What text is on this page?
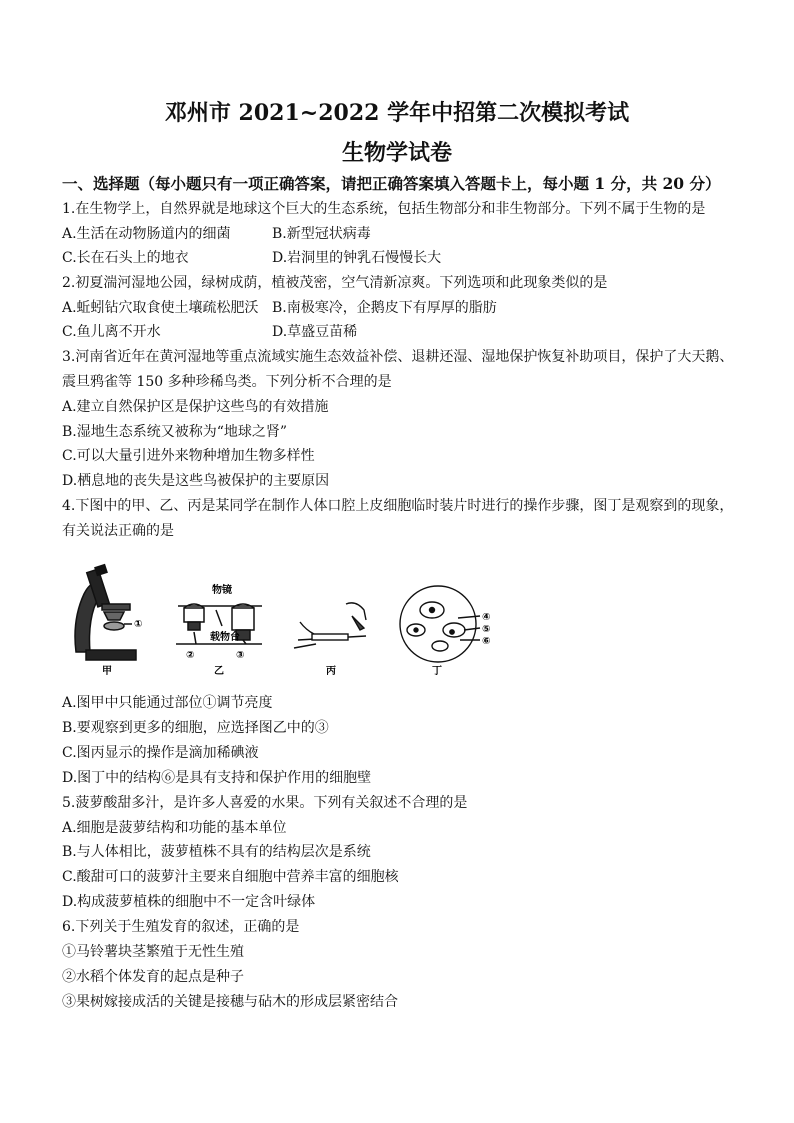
邓州市 2021~2022 学年中招第二次模拟考试
生物学试卷
一、选择题（每小题只有一项正确答案，请把正确答案填入答题卡上，每小题 1 分，共 20 分）
1.在生物学上，自然界就是地球这个巨大的生态系统，包括生物部分和非生物部分。下列不属于生物的是
A.生活在动物肠道内的细菌	B.新型冠状病毒
C.长在石头上的地衣	D.岩洞里的钟乳石慢慢长大
2.初夏湍河湿地公园，绿树成荫，植被茂密，空气清新凉爽。下列选项和此现象类似的是
A.蚯蚓钻穴取食使土壤疏松肥沃 B.南极寒冷，企鹅皮下有厚厚的脂肪
C.鱼儿离不开水	D.草盛豆苗稀
3.河南省近年在黄河湿地等重点流域实施生态效益补偿、退耕还湿、湿地保护恢复补助项目，保护了大天鹅、
震旦鸦雀等 150 多种珍稀鸟类。下列分析不合理的是
A.建立自然保护区是保护这些鸟的有效措施
B.湿地生态系统又被称为“地球之肾”
C.可以大量引进外来物种增加生物多样性
D.栖息地的丧失是这些鸟被保护的主要原因
4.下图中的甲、乙、丙是某同学在制作人体口腔上皮细胞临时装片时进行的操作步骤，图丁是观察到的现象，
有关说法正确的是
①
甲
物镜
载物台
②	③
乙	丙
④
⑤
⑥
丁
A.图甲中只能通过部位①调节亮度
B.要观察到更多的细胞，应选择图乙中的③
C.图丙显示的操作是滴加稀碘液
D.图丁中的结构⑥是具有支持和保护作用的细胞壁
5.菠萝酸甜多汁，是许多人喜爱的水果。下列有关叙述不合理的是
A.细胞是菠萝结构和功能的基本单位
B.与人体相比，菠萝植株不具有的结构层次是系统
C.酸甜可口的菠萝汁主要来自细胞中营养丰富的细胞核
D.构成菠萝植株的细胞中不一定含叶绿体
6.下列关于生殖发育的叙述，正确的是
①马铃薯块茎繁殖于无性生殖
②水稻个体发育的起点是种子
③果树嫁接成活的关键是接穗与砧木的形成层紧密结合
